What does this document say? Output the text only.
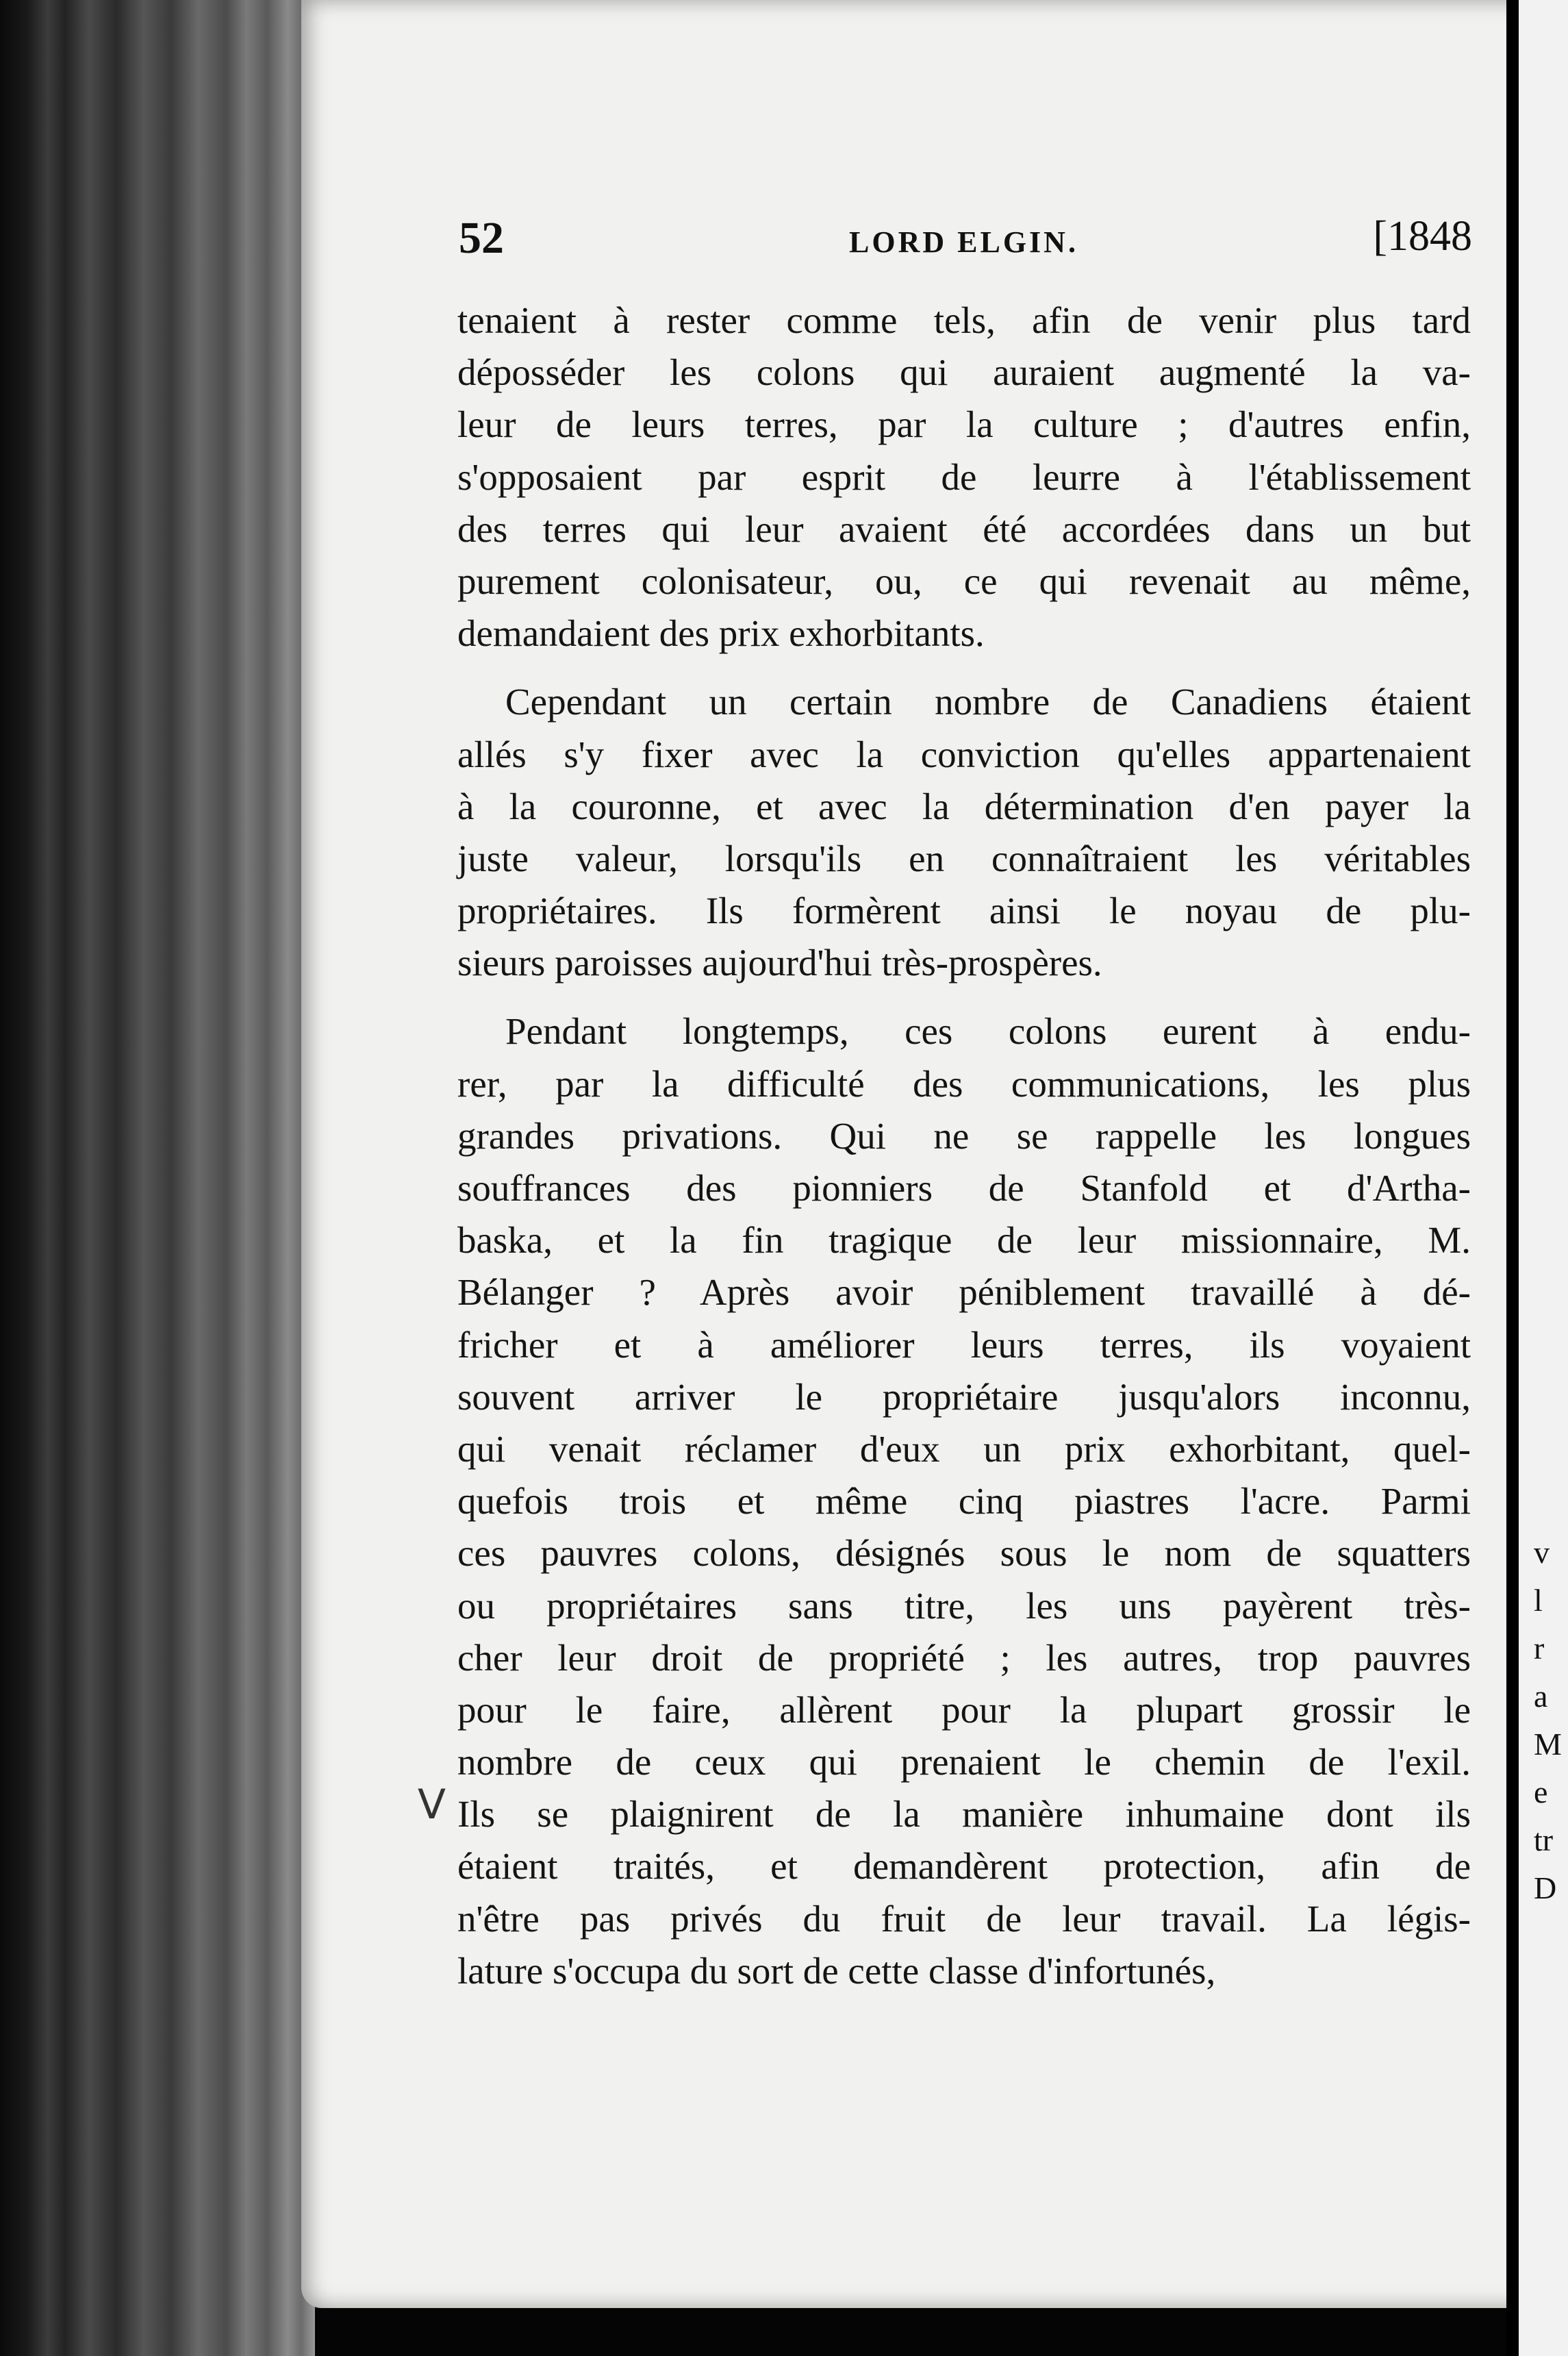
v
l
r
a
M
e
tr
D
52	LORD ELGIN.	[1848
V
tenaient à rester comme tels, afin de venir plus tard
déposséder les colons qui auraient augmenté la va-
leur de leurs terres, par la culture ; d'autres enfin,
s'opposaient par esprit de leurre à l'établissement
des terres qui leur avaient été accordées dans un but
purement colonisateur, ou, ce qui revenait au même,
demandaient des prix exhorbitants.
Cependant un certain nombre de Canadiens étaient
allés s'y fixer avec la conviction qu'elles appartenaient
à la couronne, et avec la détermination d'en payer la
juste valeur, lorsqu'ils en connaîtraient les véritables
propriétaires. Ils formèrent ainsi le noyau de plu-
sieurs paroisses aujourd'hui très-prospères.
Pendant longtemps, ces colons eurent à endu-
rer, par la difficulté des communications, les plus
grandes privations. Qui ne se rappelle les longues
souffrances des pionniers de Stanfold et d'Artha-
baska, et la fin tragique de leur missionnaire, M.
Bélanger ? Après avoir péniblement travaillé à dé-
fricher et à améliorer leurs terres, ils voyaient
souvent arriver le propriétaire jusqu'alors inconnu,
qui venait réclamer d'eux un prix exhorbitant, quel-
quefois trois et même cinq piastres l'acre. Parmi
ces pauvres colons, désignés sous le nom de squatters
ou propriétaires sans titre, les uns payèrent très-
cher leur droit de propriété ; les autres, trop pauvres
pour le faire, allèrent pour la plupart grossir le
nombre de ceux qui prenaient le chemin de l'exil.
Ils se plaignirent de la manière inhumaine dont ils
étaient traités, et demandèrent protection, afin de
n'être pas privés du fruit de leur travail. La légis-
lature s'occupa du sort de cette classe d'infortunés,
